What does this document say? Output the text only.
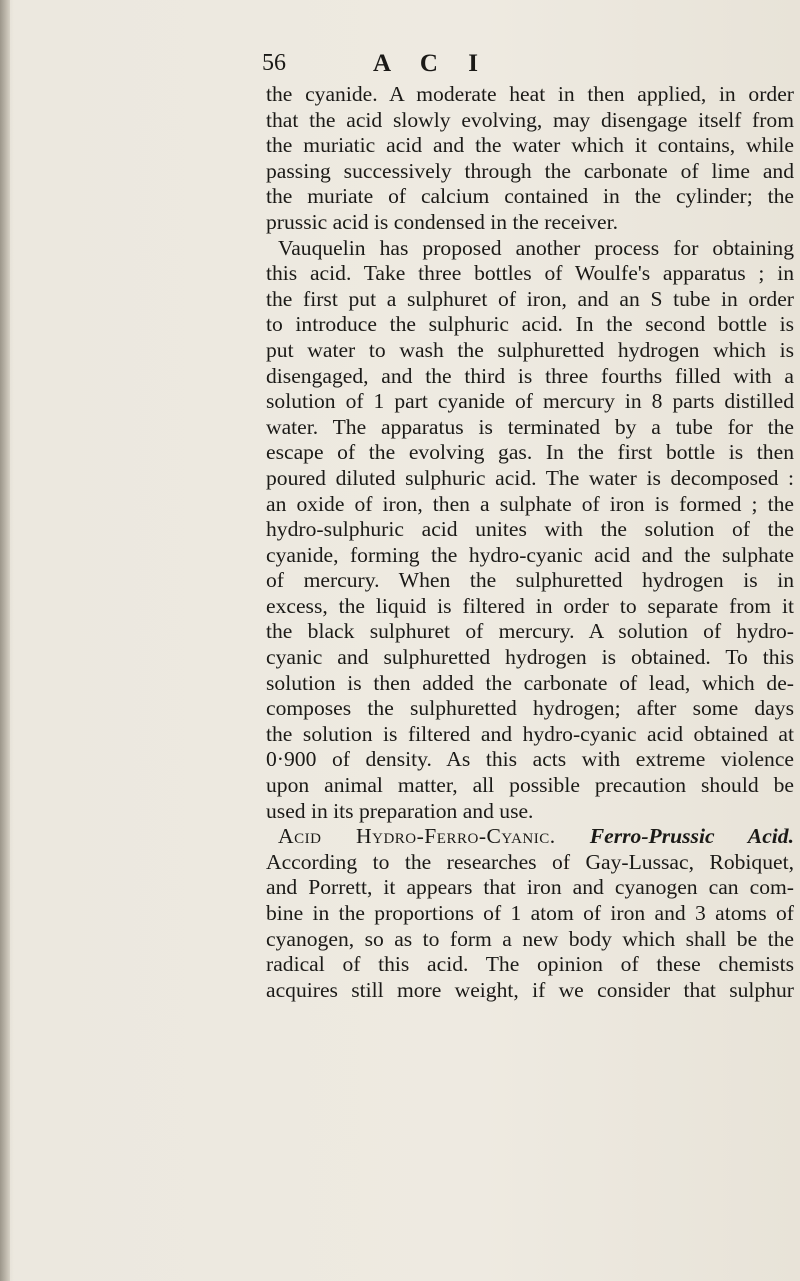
56	A C I
the cyanide. A moderate heat in then applied, in order
that the acid slowly evolving, may disengage itself from
the muriatic acid and the water which it contains, while
passing successively through the carbonate of lime and
the muriate of calcium contained in the cylinder; the
prussic acid is condensed in the receiver.
Vauquelin has proposed another process for obtaining
this acid. Take three bottles of Woulfe's apparatus ; in
the first put a sulphuret of iron, and an S tube in order
to introduce the sulphuric acid. In the second bottle is
put water to wash the sulphuretted hydrogen which is
disengaged, and the third is three fourths filled with a
solution of 1 part cyanide of mercury in 8 parts distilled
water. The apparatus is terminated by a tube for the
escape of the evolving gas. In the first bottle is then
poured diluted sulphuric acid. The water is decomposed :
an oxide of iron, then a sulphate of iron is formed ; the
hydro-sulphuric acid unites with the solution of the
cyanide, forming the hydro-cyanic acid and the sulphate
of mercury. When the sulphuretted hydrogen is in
excess, the liquid is filtered in order to separate from it
the black sulphuret of mercury. A solution of hydro-
cyanic and sulphuretted hydrogen is obtained. To this
solution is then added the carbonate of lead, which de-
composes the sulphuretted hydrogen; after some days
the solution is filtered and hydro-cyanic acid obtained at
0·900 of density. As this acts with extreme violence
upon animal matter, all possible precaution should be
used in its preparation and use.
Acid Hydro-Ferro-Cyanic. Ferro-Prussic Acid.
According to the researches of Gay-Lussac, Robiquet,
and Porrett, it appears that iron and cyanogen can com-
bine in the proportions of 1 atom of iron and 3 atoms of
cyanogen, so as to form a new body which shall be the
radical of this acid. The opinion of these chemists
acquires still more weight, if we consider that sulphur
